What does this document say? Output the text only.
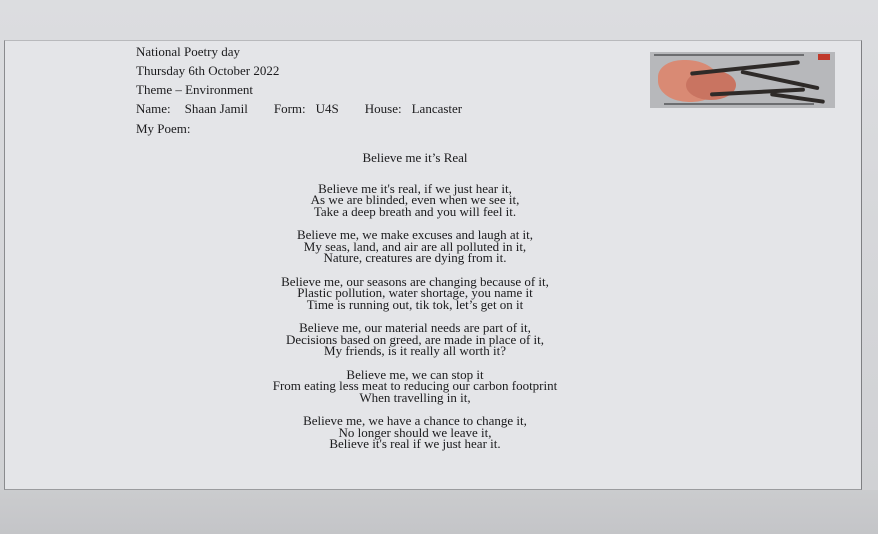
National Poetry day
Thursday 6th October 2022
Theme – Environment
Name: Shaan Jamil Form: U4S House: Lancaster
My Poem:
Believe me it’s Real
Believe me it's real, if we just hear it,
As we are blinded, even when we see it,
Take a deep breath and you will feel it.
Believe me, we make excuses and laugh at it,
My seas, land, and air are all polluted in it,
Nature, creatures are dying from it.
Believe me, our seasons are changing because of it,
Plastic pollution, water shortage, you name it
Time is running out, tik tok, let’s get on it
Believe me, our material needs are part of it,
Decisions based on greed, are made in place of it,
My friends, is it really all worth it?
Believe me, we can stop it
From eating less meat to reducing our carbon footprint
When travelling in it,
Believe me, we have a chance to change it,
No longer should we leave it,
Believe it's real if we just hear it.
